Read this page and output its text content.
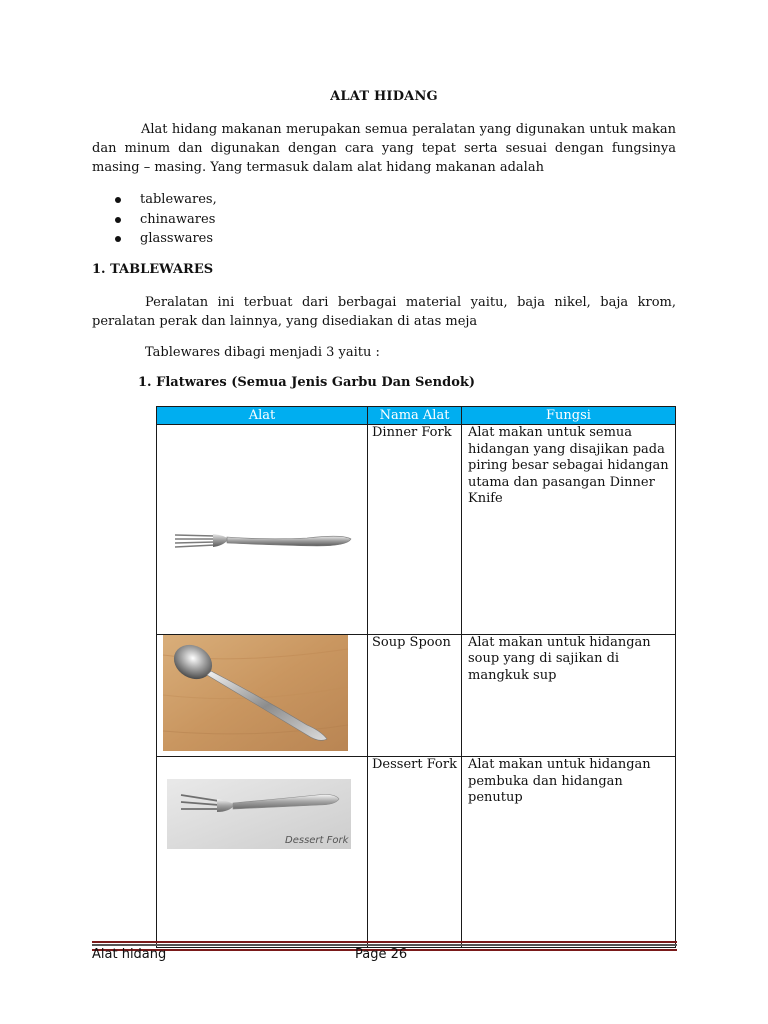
ALAT HIDANG
Alat hidang makanan merupakan semua peralatan yang digunakan untuk makan dan minum dan digunakan dengan cara yang tepat serta sesuai dengan fungsinya masing – masing. Yang termasuk dalam alat hidang makanan adalah
tablewares,
chinawares
glasswares
1. TABLEWARES
Peralatan ini terbuat dari berbagai material yaitu, baja nikel, baja krom, peralatan perak dan lainnya, yang disediakan di atas meja
Tablewares dibagi menjadi 3 yaitu :
1. Flatwares (Semua Jenis Garbu Dan Sendok)
Alat	Nama Alat	Fungsi
	Dinner Fork	Alat makan untuk semua hidangan yang disajikan pada piring besar sebagai hidangan utama dan pasangan Dinner Knife
	Soup Spoon	Alat makan untuk hidangan soup yang di sajikan di mangkuk sup

Dessert Fork	Dessert Fork	Alat makan untuk hidangan pembuka dan hidangan penutup
Alat hidang	Page 26
